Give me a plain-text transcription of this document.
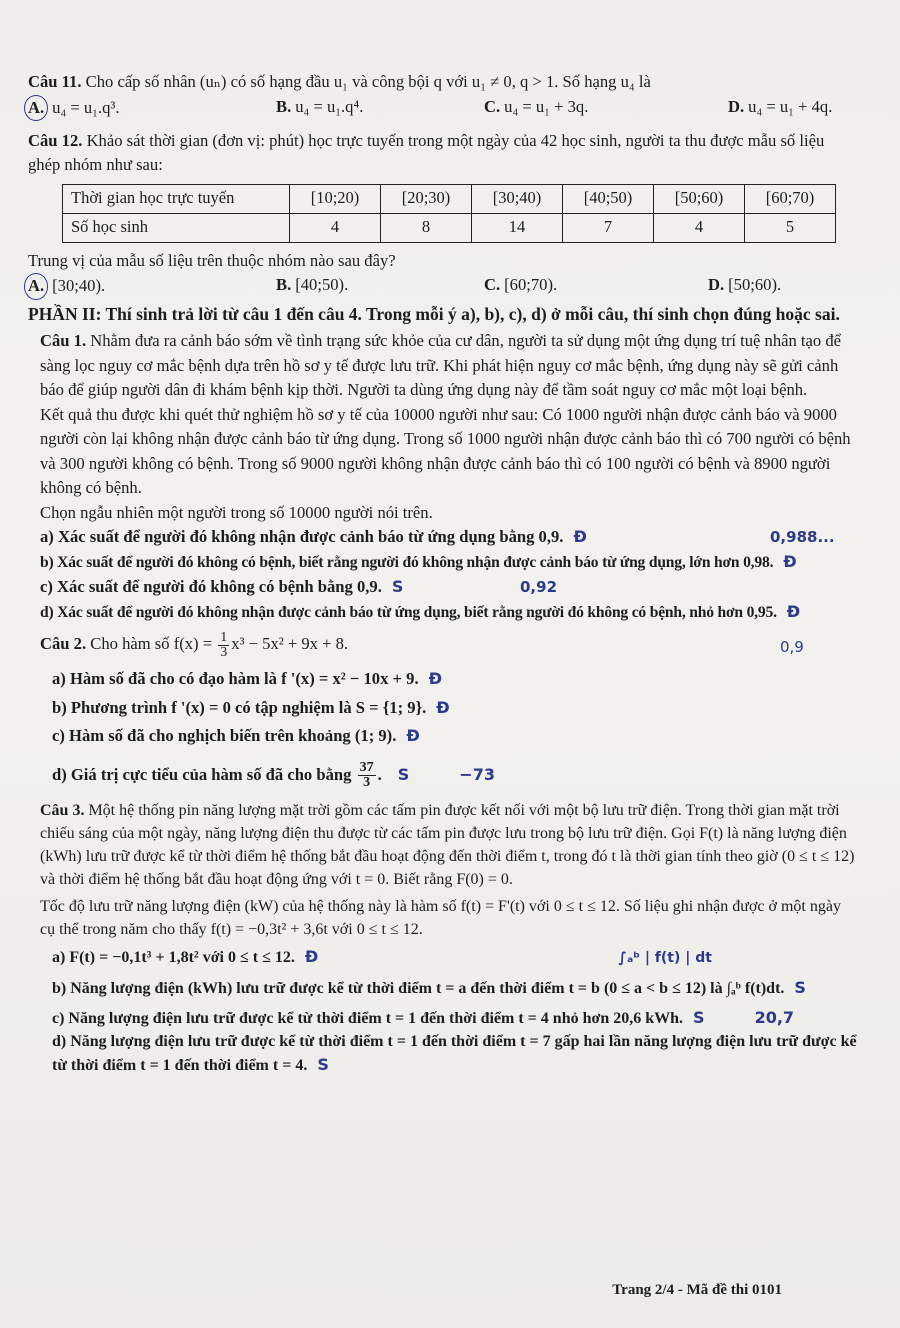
Câu 11. Cho cấp số nhân (uₙ) có số hạng đầu u₁ và công bội q với u₁ ≠ 0, q > 1. Số hạng u₄ là

A. u₄ = u₁.q³.	B. u₄ = u₁.q⁴.	C. u₄ = u₁ + 3q.	D. u₄ = u₁ + 4q.

Câu 12. Khảo sát thời gian (đơn vị: phút) học trực tuyến trong một ngày của 42 học sinh, người ta thu được mẫu số liệu ghép nhóm như sau:

Thời gian học trực tuyến	[10;20)	[20;30)	[30;40)	[40;50)	[50;60)	[60;70)
Số học sinh	4	8	14	7	4	5

Trung vị của mẫu số liệu trên thuộc nhóm nào sau đây?

A. [30;40).	B. [40;50).	C. [60;70).	D. [50;60).

PHẦN II: Thí sinh trả lời từ câu 1 đến câu 4. Trong mỗi ý a), b), c), d) ở mỗi câu, thí sinh chọn đúng hoặc sai.

Câu 1. Nhằm đưa ra cảnh báo sớm về tình trạng sức khỏe của cư dân, người ta sử dụng một ứng dụng trí tuệ nhân tạo để sàng lọc nguy cơ mắc bệnh dựa trên hồ sơ y tế được lưu trữ. Khi phát hiện nguy cơ mắc bệnh, ứng dụng này sẽ gửi cảnh báo để giúp người dân đi khám bệnh kịp thời. Người ta dùng ứng dụng này để tầm soát nguy cơ mắc một loại bệnh.

Kết quả thu được khi quét thử nghiệm hồ sơ y tế của 10000 người như sau: Có 1000 người nhận được cảnh báo và 9000 người còn lại không nhận được cảnh báo từ ứng dụng. Trong số 1000 người nhận được cảnh báo thì có 700 người có bệnh và 300 người không có bệnh. Trong số 9000 người không nhận được cảnh báo thì có 100 người có bệnh và 8900 người không có bệnh.

Chọn ngẫu nhiên một người trong số 10000 người nói trên.

a) Xác suất để người đó không nhận được cảnh báo từ ứng dụng bằng 0,9. Đ	0,988...

b) Xác suất để người đó không có bệnh, biết rằng người đó không nhận được cảnh báo từ ứng dụng, lớn hơn 0,98. Đ

c) Xác suất để người đó không có bệnh bằng 0,9. S	0,92

d) Xác suất để người đó không nhận được cảnh báo từ ứng dụng, biết rằng người đó không có bệnh, nhỏ hơn 0,95. Đ

Câu 2. Cho hàm số $f(x) = \frac{1}{3} x^3 - 5x^2 + 9x + 8$.	0,9

a) Hàm số đã cho có đạo hàm là f '(x) = x² − 10x + 9. Đ

b) Phương trình f '(x) = 0 có tập nghiệm là S = {1; 9}. Đ

c) Hàm số đã cho nghịch biến trên khoảng (1; 9). Đ

d) Giá trị cực tiểu của hàm số đã cho bằng $\frac{37}{3}$ . S	−73

Câu 3. Một hệ thống pin năng lượng mặt trời gồm các tấm pin được kết nối với một bộ lưu trữ điện. Trong thời gian mặt trời chiếu sáng của một ngày, năng lượng điện thu được từ các tấm pin được lưu trong bộ lưu trữ điện. Gọi F(t) là năng lượng điện (kWh) lưu trữ được kể từ thời điểm hệ thống bắt đầu hoạt động đến thời điểm t, trong đó t là thời gian tính theo giờ (0 ≤ t ≤ 12) và thời điểm hệ thống bắt đầu hoạt động ứng với t = 0. Biết rằng F(0) = 0.

Tốc độ lưu trữ năng lượng điện (kW) của hệ thống này là hàm số f(t) = F'(t) với 0 ≤ t ≤ 12. Số liệu ghi nhận được ở một ngày cụ thể trong năm cho thấy f(t) = −0,3t² + 3,6t với 0 ≤ t ≤ 12.

a) F(t) = −0,1t³ + 1,8t² với 0 ≤ t ≤ 12. Đ	∫ₐᵇ | f(t) | dt

b) Năng lượng điện (kWh) lưu trữ được kể từ thời điểm t = a đến thời điểm t = b (0 ≤ a < b ≤ 12) là ∫ₐᵇ f(t)dt. S

c) Năng lượng điện lưu trữ được kể từ thời điểm t = 1 đến thời điểm t = 4 nhỏ hơn 20,6 kWh. S	20,7

d) Năng lượng điện lưu trữ được kể từ thời điểm t = 1 đến thời điểm t = 7 gấp hai lần năng lượng điện lưu trữ được kể từ thời điểm t = 1 đến thời điểm t = 4. S

Trang 2/4 - Mã đề thi 0101
